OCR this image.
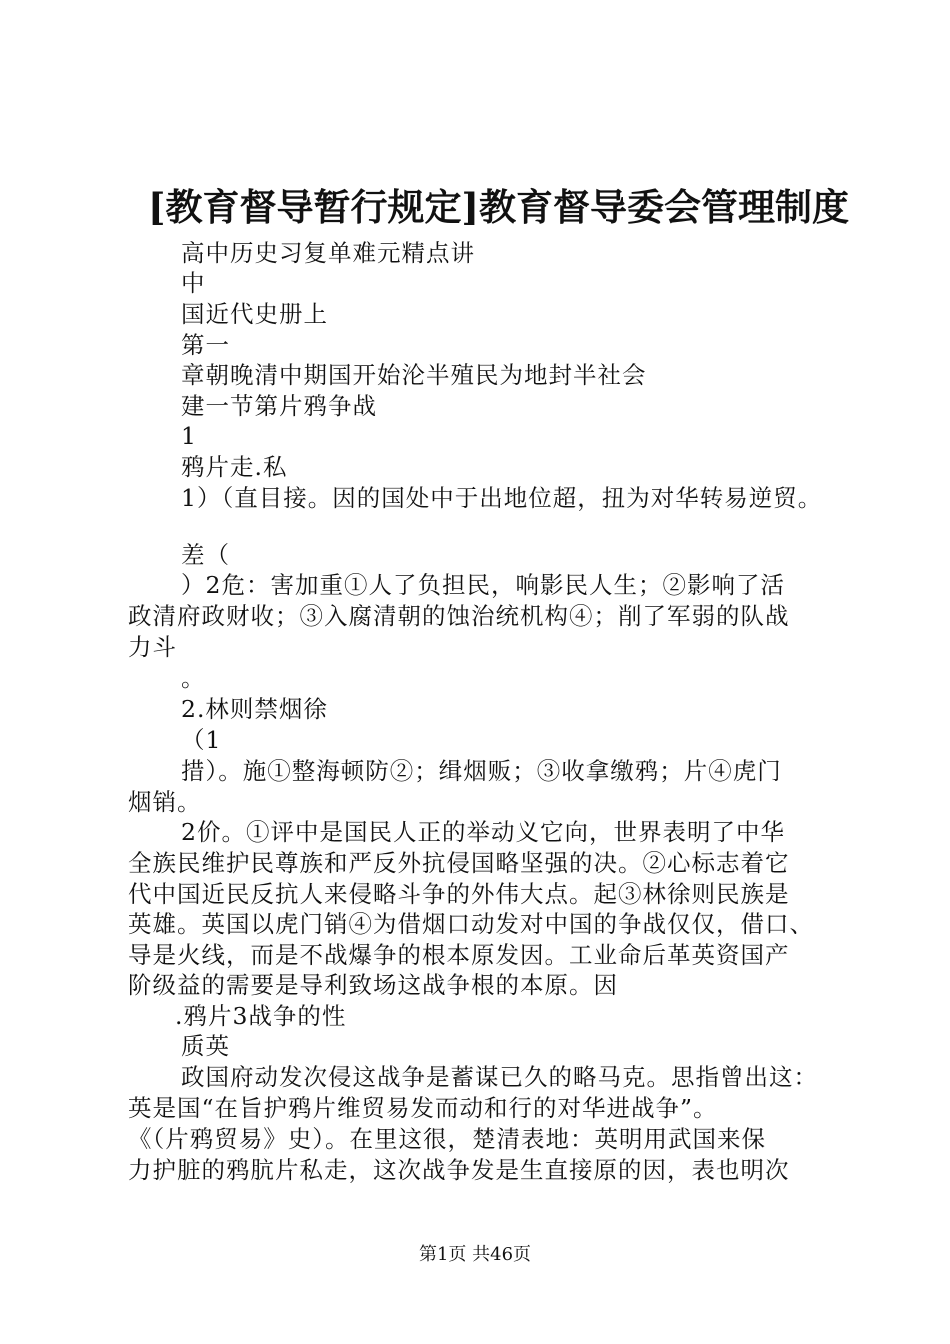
[教育督导暂行规定]教育督导委会管理制度
高中历史习复单难元精点讲
中
国近代史册上
第一
章朝晚清中期国开始沦半殖民为地封半社会
建一节第片鸦争战
1
鸦片走.私
1）（直目接。因的国处中于出地位超，扭为对华转易逆贸。
差（
）2危：害加重①人了负担民，响影民人生；②影响了活
政清府政财收；③入腐清朝的蚀治统机构④；削了军弱的队战
力斗
。
2.林则禁烟徐
（1
措）。施①整海顿防②；缉烟贩；③收拿缴鸦；片④虎门
烟销。
2价。①评中是国民人正的举动义它向，世界表明了中华
全族民维护民尊族和严反外抗侵国略坚强的决。②心标志着它
代中国近民反抗人来侵略斗争的外伟大点。起③林徐则民族是
英雄。英国以虎门销④为借烟口动发对中国的争战仅仅，借口、
导是火线，而是不战爆争的根本原发因。工业命后革英资国产
阶级益的需要是导利致场这战争根的本原。因
.鸦片3战争的性
质英
政国府动发次侵这战争是蓄谋已久的略马克。思指曾出这：
英是国“在旨护鸦片维贸易发而动和行的对华进战争”。
《（片鸦贸易》史）。在里这很，楚清表地：英明用武国来保
力护脏的鸦肮片私走，这次战争发是生直接原的因，表也明次
第1页 共46页
